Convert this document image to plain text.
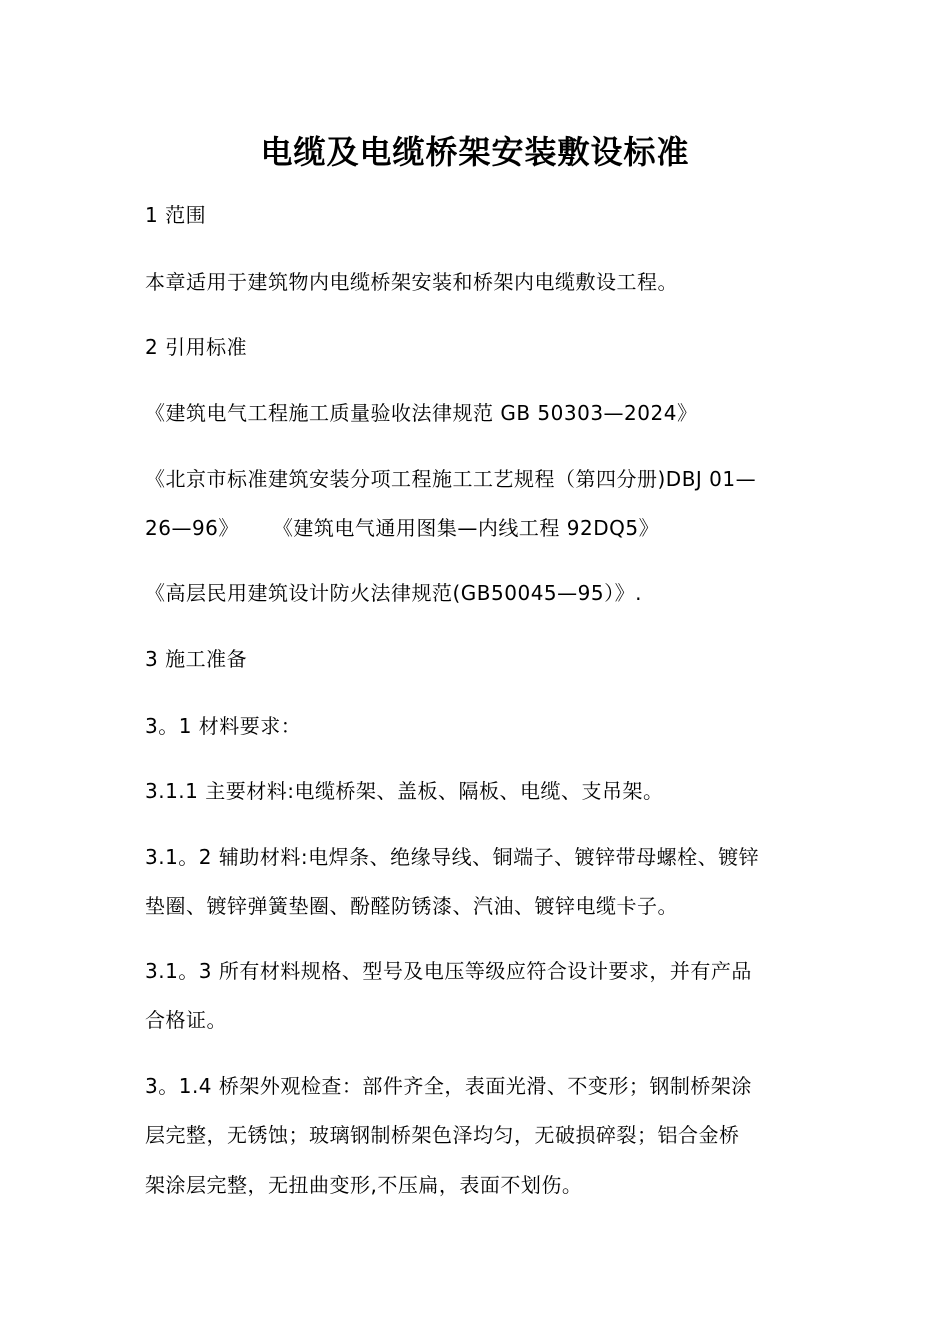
电缆及电缆桥架安装敷设标准
1 范围
本章适用于建筑物内电缆桥架安装和桥架内电缆敷设工程。
2 引用标准
《建筑电气工程施工质量验收法律规范 GB 50303—2024》
《北京市标准建筑安装分项工程施工工艺规程（第四分册)DBJ 01—
26—96》 《建筑电气通用图集—内线工程 92DQ5》
《高层民用建筑设计防火法律规范(GB50045—95）》.
3 施工准备
3。1 材料要求：
3.1.1 主要材料:电缆桥架、盖板、隔板、电缆、支吊架。
3.1。2 辅助材料:电焊条、绝缘导线、铜端子、镀锌带母螺栓、镀锌
垫圈、镀锌弹簧垫圈、酚醛防锈漆、汽油、镀锌电缆卡子。
3.1。3 所有材料规格、型号及电压等级应符合设计要求，并有产品
合格证。
3。1.4 桥架外观检查：部件齐全，表面光滑、不变形；钢制桥架涂
层完整，无锈蚀；玻璃钢制桥架色泽均匀，无破损碎裂；铝合金桥
架涂层完整，无扭曲变形,不压扁，表面不划伤。
